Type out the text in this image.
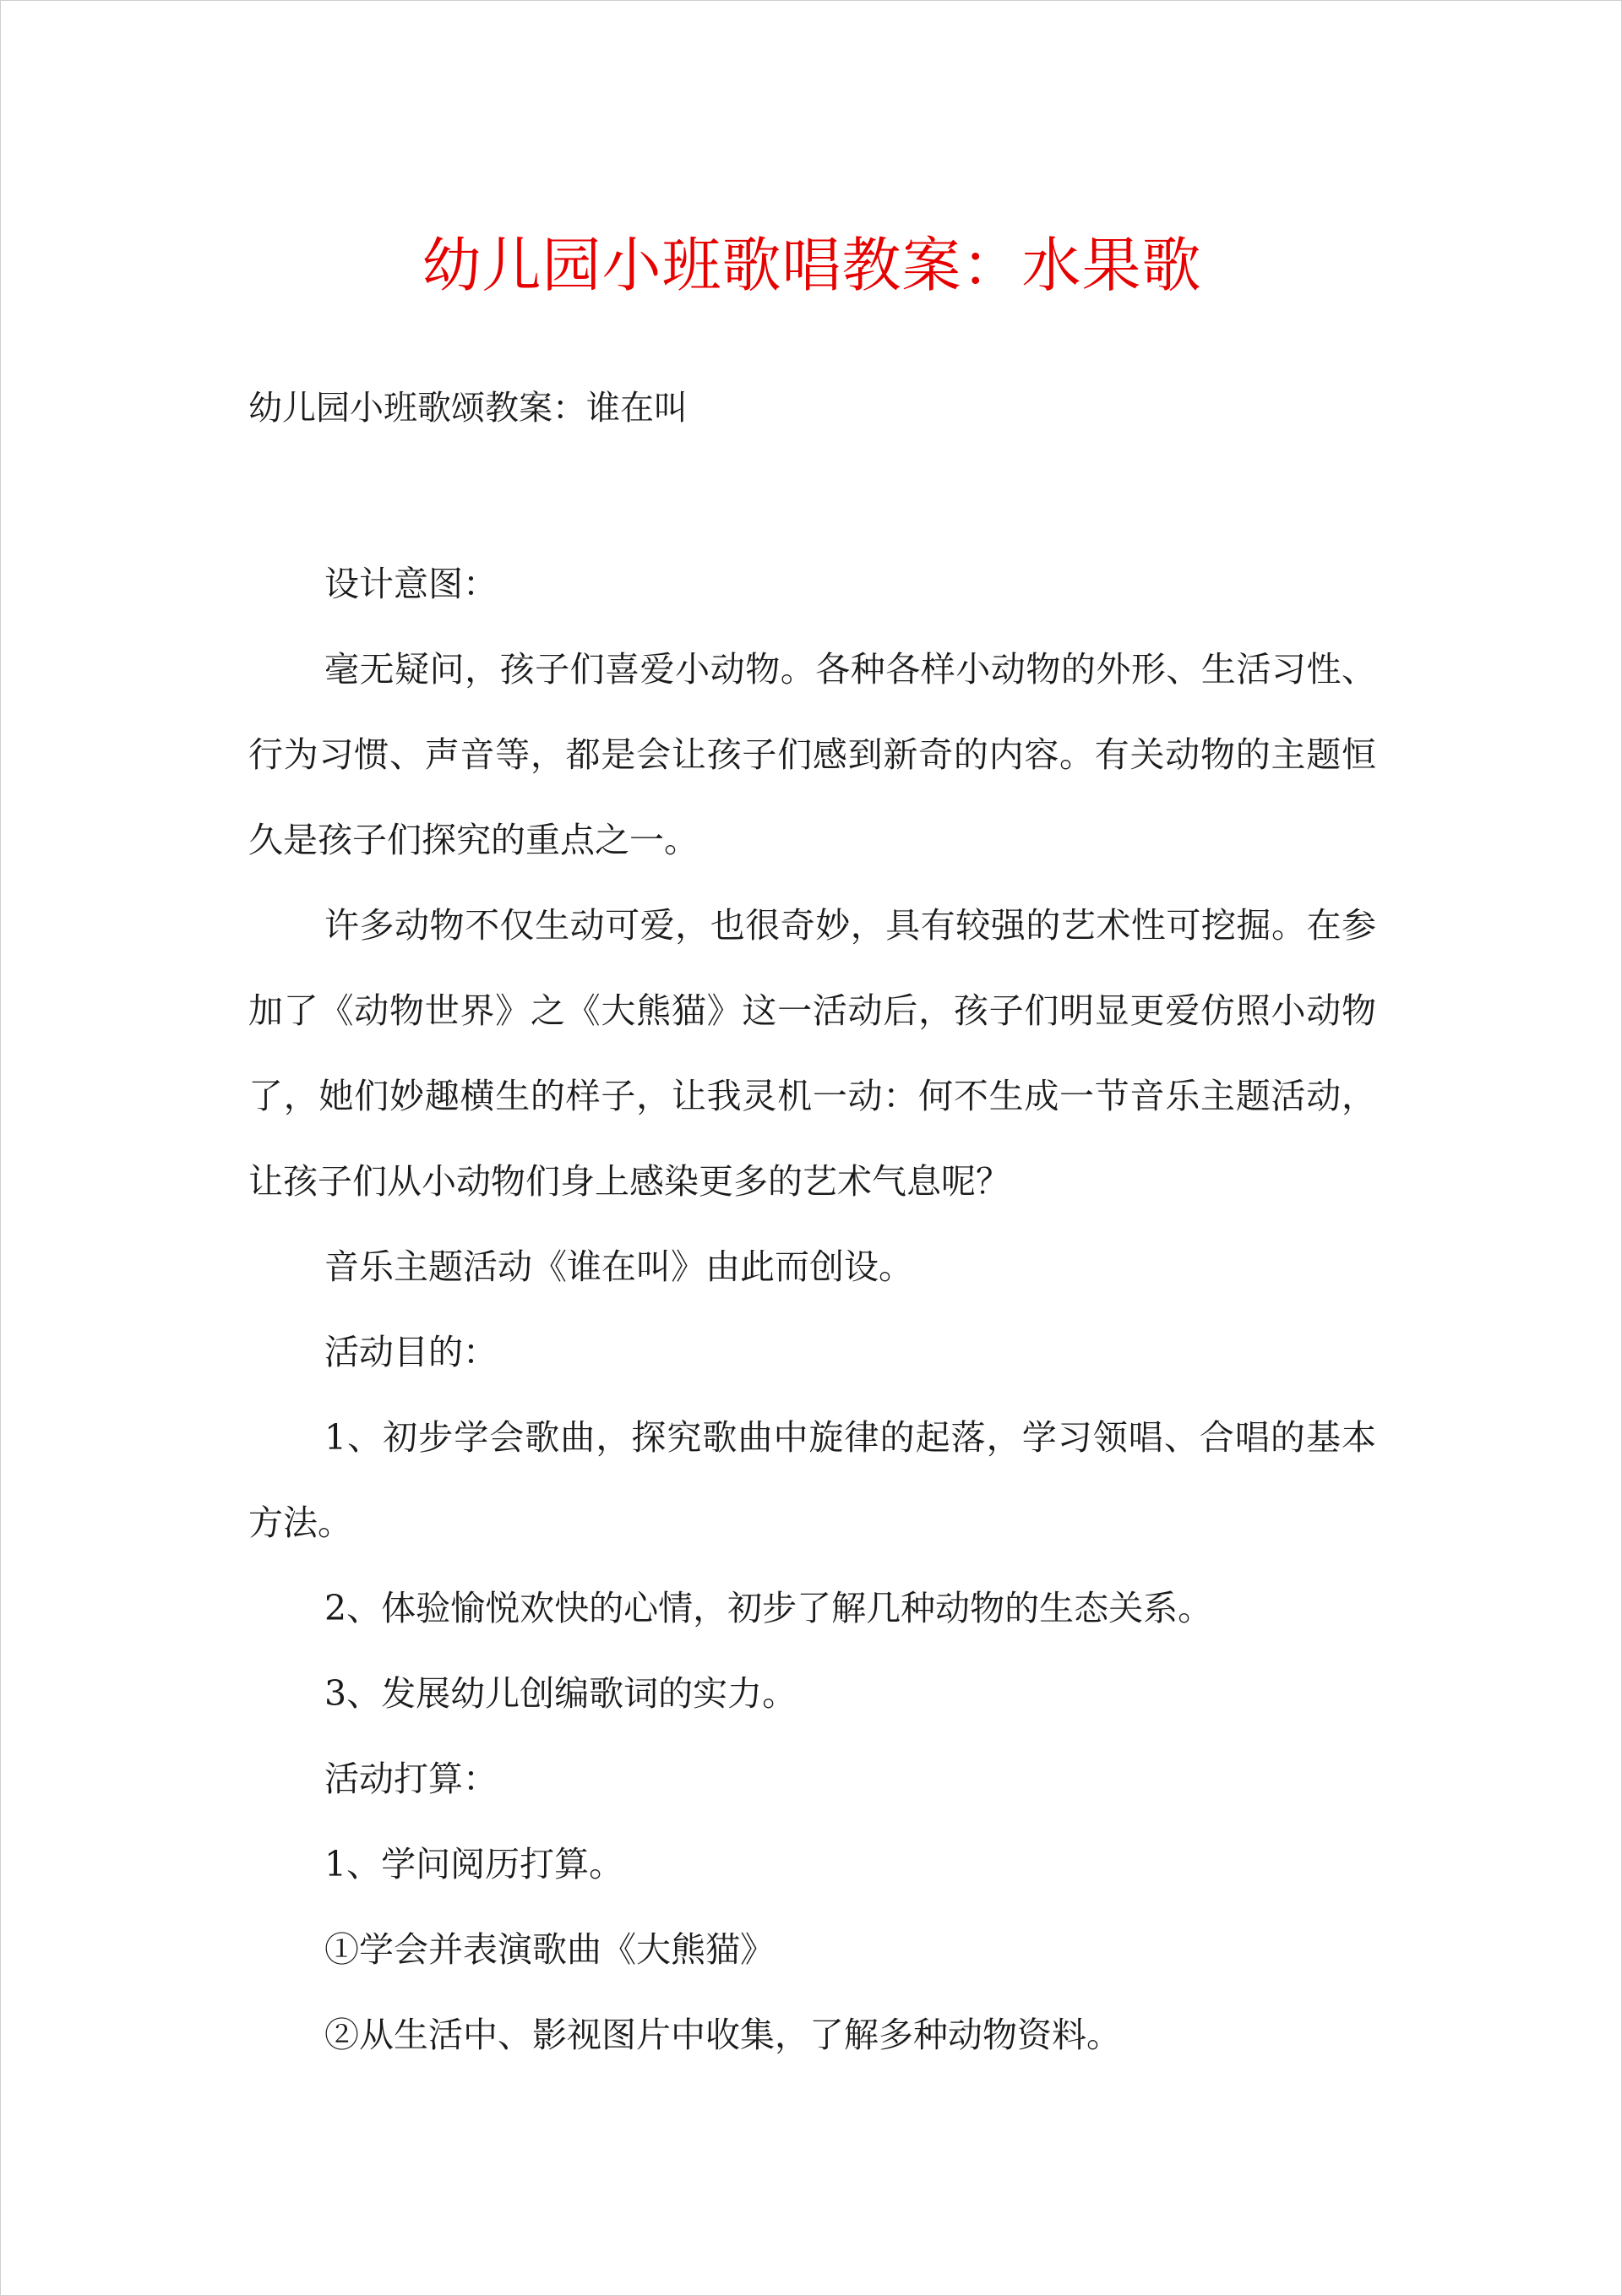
幼儿园小班歌唱教案：水果歌
幼儿园小班歌颂教案：谁在叫

设计意图：

毫无疑问，孩子们喜爱小动物。各种各样小动物的外形、生活习性、行为习惯、声音等，都是会让孩子们感到新奇的内容。有关动物的主题恒久是孩子们探究的重点之一。

许多动物不仅生动可爱，也很奇妙，具有较强的艺术性可挖掘。在参加了《动物世界》之《大熊猫》这一活动后，孩子们明显更爱仿照小动物了，她们妙趣横生的样子，让我灵机一动：何不生成一节音乐主题活动，让孩子们从小动物们身上感染更多的艺术气息呢？

音乐主题活动《谁在叫》由此而创设。

活动目的：

1、初步学会歌曲，探究歌曲中旋律的起落，学习领唱、合唱的基本方法。

2、体验愉悦欢快的心情，初步了解几种动物的生态关系。

3、发展幼儿创编歌词的实力。

活动打算：

1、学问阅历打算。

①学会并表演歌曲《大熊猫》

②从生活中、影视图片中收集，了解多种动物资料。
